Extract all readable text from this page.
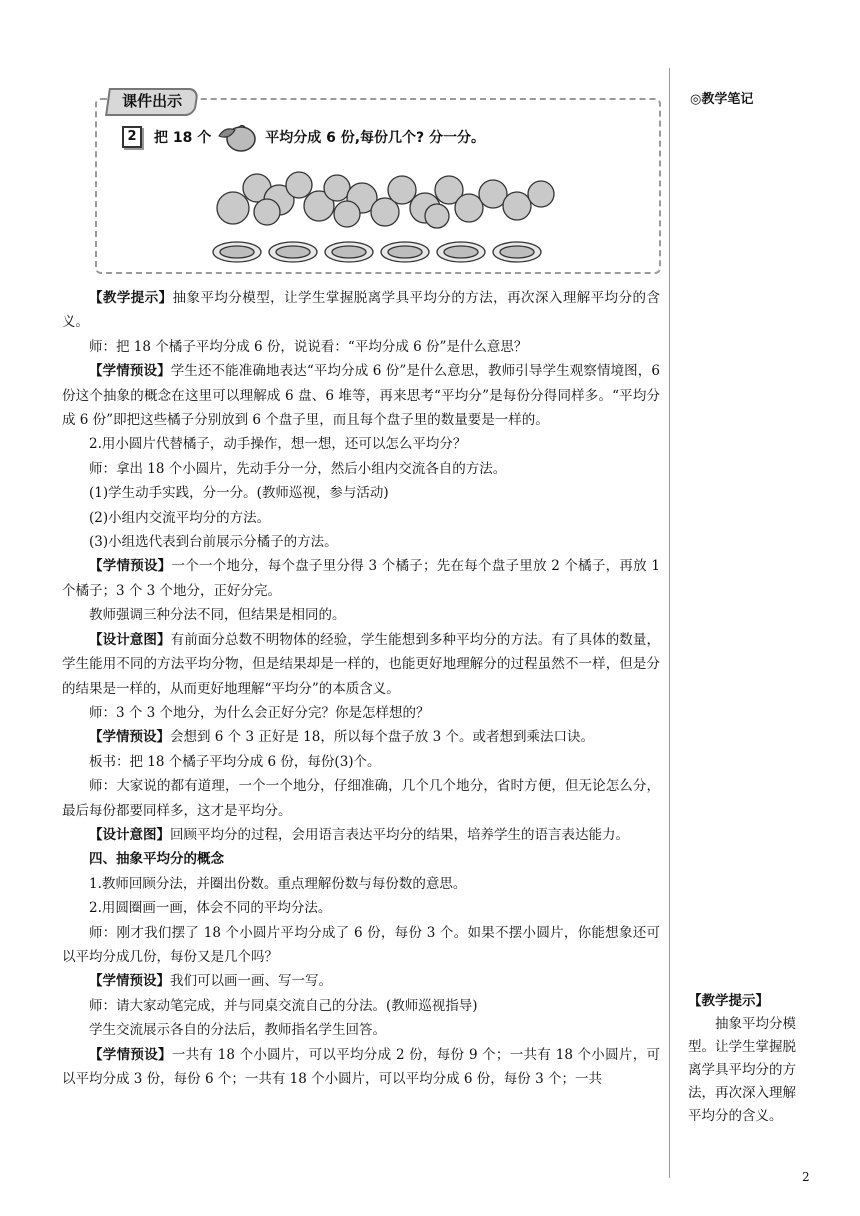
◎教学笔记
课件出示
2	把 18 个	平均分成 6 份,每份几个? 分一分。

【教学提示】抽象平均分模型，让学生掌握脱离学具平均分的方法，再次深入理解平均分的含义。

师：把 18 个橘子平均分成 6 份，说说看：“平均分成 6 份”是什么意思？

【学情预设】学生还不能准确地表达“平均分成 6 份”是什么意思，教师引导学生观察情境图，6 份这个抽象的概念在这里可以理解成 6 盘、6 堆等，再来思考“平均分”是每份分得同样多。“平均分成 6 份”即把这些橘子分别放到 6 个盘子里，而且每个盘子里的数量要是一样的。

2.用小圆片代替橘子，动手操作，想一想，还可以怎么平均分？

师：拿出 18 个小圆片，先动手分一分，然后小组内交流各自的方法。

(1)学生动手实践，分一分。(教师巡视，参与活动)

(2)小组内交流平均分的方法。

(3)小组选代表到台前展示分橘子的方法。

【学情预设】一个一个地分，每个盘子里分得 3 个橘子；先在每个盘子里放 2 个橘子，再放 1 个橘子；3 个 3 个地分，正好分完。

教师强调三种分法不同，但结果是相同的。

【设计意图】有前面分总数不明物体的经验，学生能想到多种平均分的方法。有了具体的数量，学生能用不同的方法平均分物，但是结果却是一样的，也能更好地理解分的过程虽然不一样，但是分的结果是一样的，从而更好地理解“平均分”的本质含义。

师：3 个 3 个地分，为什么会正好分完？你是怎样想的？

【学情预设】会想到 6 个 3 正好是 18，所以每个盘子放 3 个。或者想到乘法口诀。

板书：把 18 个橘子平均分成 6 份，每份(3)个。

师：大家说的都有道理，一个一个地分，仔细准确，几个几个地分，省时方便，但无论怎么分，最后每份都要同样多，这才是平均分。

【设计意图】回顾平均分的过程，会用语言表达平均分的结果，培养学生的语言表达能力。

四、抽象平均分的概念

1.教师回顾分法，并圈出份数。重点理解份数与每份数的意思。

2.用圆圈画一画，体会不同的平均分法。

师：刚才我们摆了 18 个小圆片平均分成了 6 份，每份 3 个。如果不摆小圆片，你能想象还可以平均分成几份，每份又是几个吗？

【学情预设】我们可以画一画、写一写。

师：请大家动笔完成，并与同桌交流自己的分法。(教师巡视指导)

学生交流展示各自的分法后，教师指名学生回答。

【学情预设】一共有 18 个小圆片，可以平均分成 2 份，每份 9 个；一共有 18 个小圆片，可以平均分成 3 份，每份 6 个；一共有 18 个小圆片，可以平均分成 6 份，每份 3 个；一共

【教学提示】
抽象平均分模型。让学生掌握脱离学具平均分的方法，再次深入理解平均分的含义。
2
